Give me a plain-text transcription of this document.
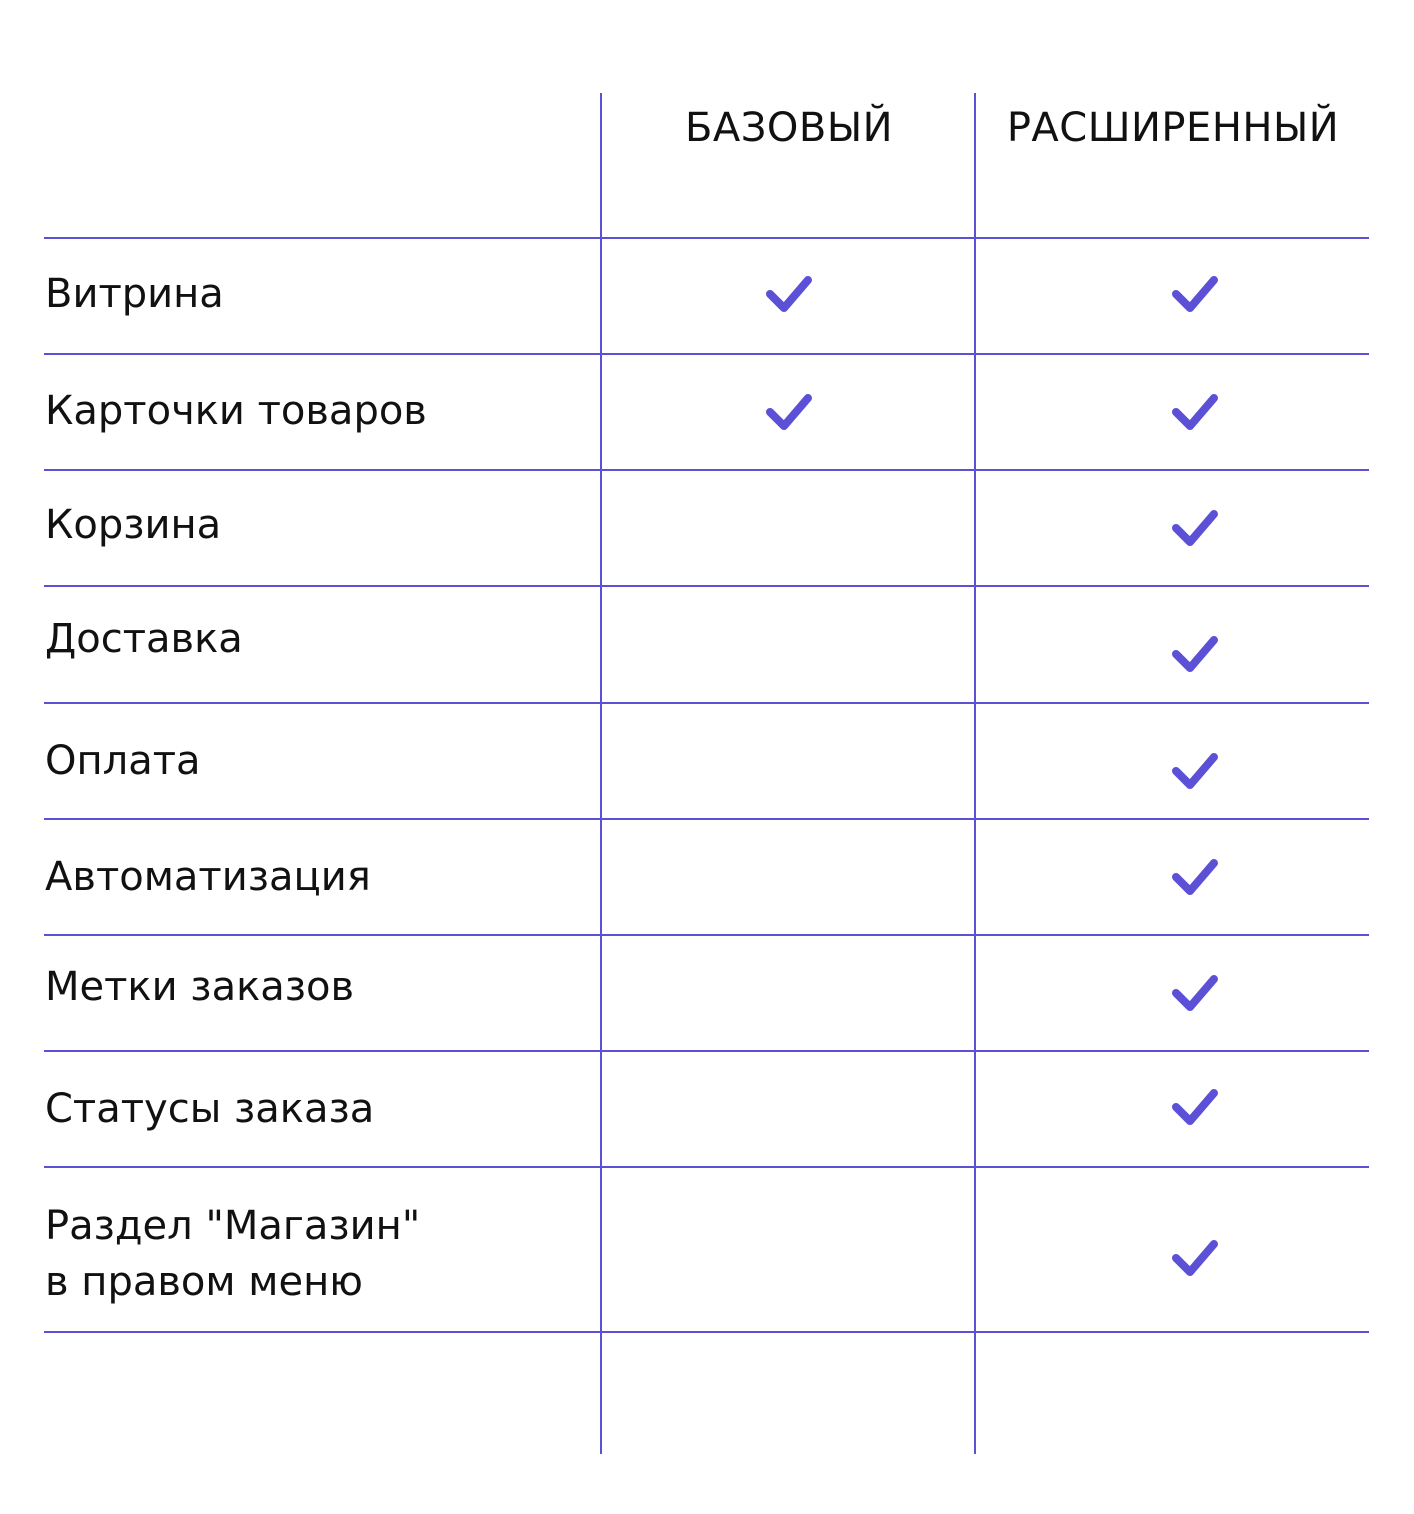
БАЗОВЫЙ	РАСШИРЕННЫЙ
Витрина
Карточки товаров
Корзина
Доставка
Оплата
Автоматизация
Метки заказов
Статусы заказа
Раздел "Магазин"
в правом меню
